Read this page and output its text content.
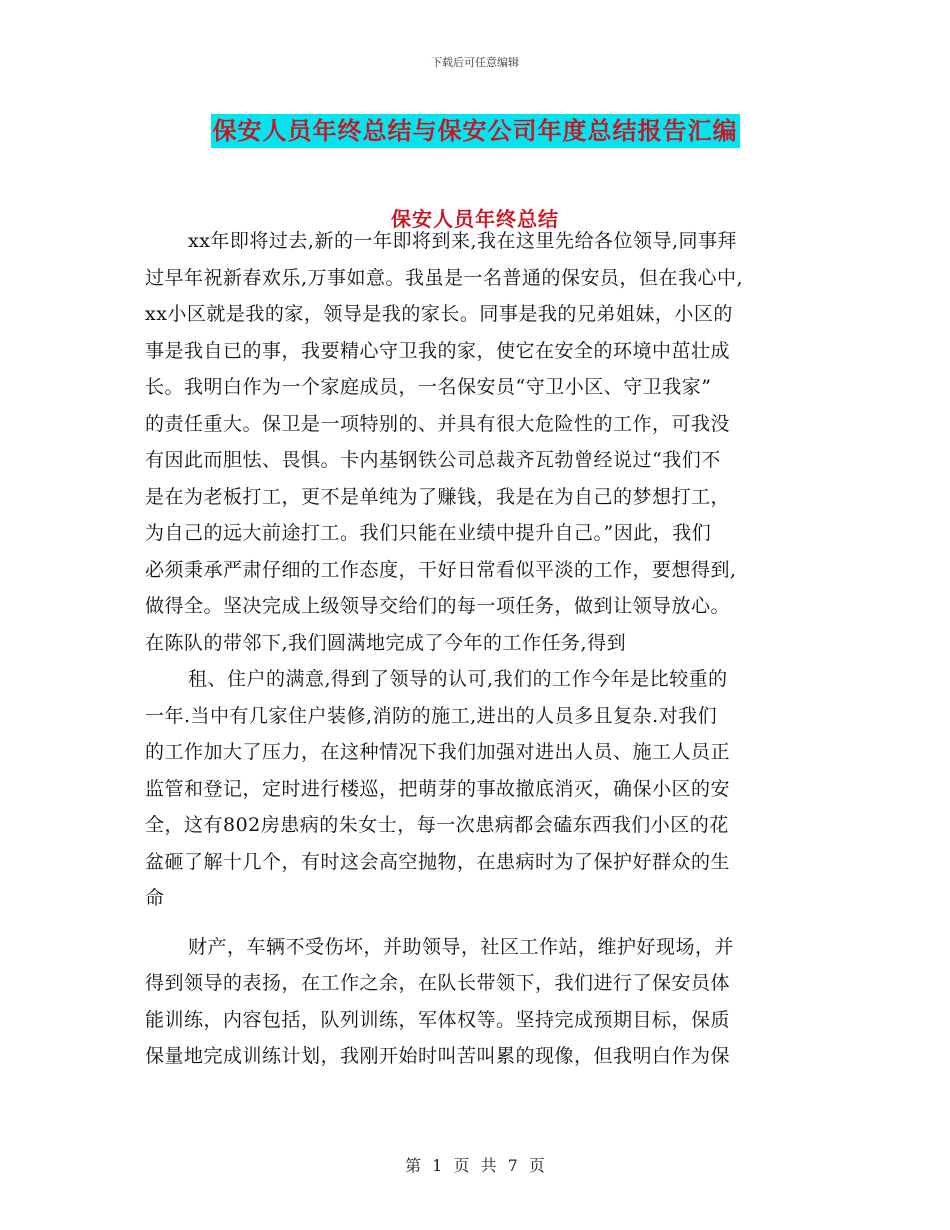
下载后可任意编辑
保安人员年终总结与保安公司年度总结报告汇编
保安人员年终总结
xx年即将过去,新的一年即将到来,我在这里先给各位领导,同事拜
过早年祝新春欢乐,万事如意。我虽是一名普通的保安员，但在我心中,
xx小区就是我的家，领导是我的家长。同事是我的兄弟姐妹，小区的
事是我自已的事，我要精心守卫我的家，使它在安全的环境中茁壮成
长。我明白作为一个家庭成员，一名保安员“守卫小区、守卫我家”
的责任重大。保卫是一项特别的、并具有很大危险性的工作，可我没
有因此而胆怯、畏惧。卡内基钢铁公司总裁齐瓦勃曾经说过“我们不
是在为老板打工，更不是单纯为了赚钱，我是在为自己的梦想打工，
为自己的远大前途打工。我们只能在业绩中提升自己。”因此，我们
必须秉承严肃仔细的工作态度，干好日常看似平淡的工作，要想得到,
做得全。坚决完成上级领导交给们的每一项任务，做到让领导放心。
在陈队的带邻下,我们圆满地完成了今年的工作任务,得到
租、住户的满意,得到了领导的认可,我们的工作今年是比较重的
一年.当中有几家住户装修,消防的施工,进出的人员多且复杂.对我们
的工作加大了压力，在这种情况下我们加强对进出人员、施工人员正
监管和登记，定时进行楼巡，把萌芽的事故撤底消灭，确保小区的安
全，这有802房患病的朱女士，每一次患病都会磕东西我们小区的花
盆砸了解十几个，有时这会高空抛物，在患病时为了保护好群众的生
命
财产，车辆不受伤坏，并助领导，社区工作站，维护好现场，并
得到领导的表扬，在工作之余，在队长带领下，我们进行了保安员体
能训练，内容包括，队列训练，军体权等。坚持完成预期目标，保质
保量地完成训练计划，我刚开始时叫苦叫累的现像，但我明白作为保
第 1 页 共 7 页
